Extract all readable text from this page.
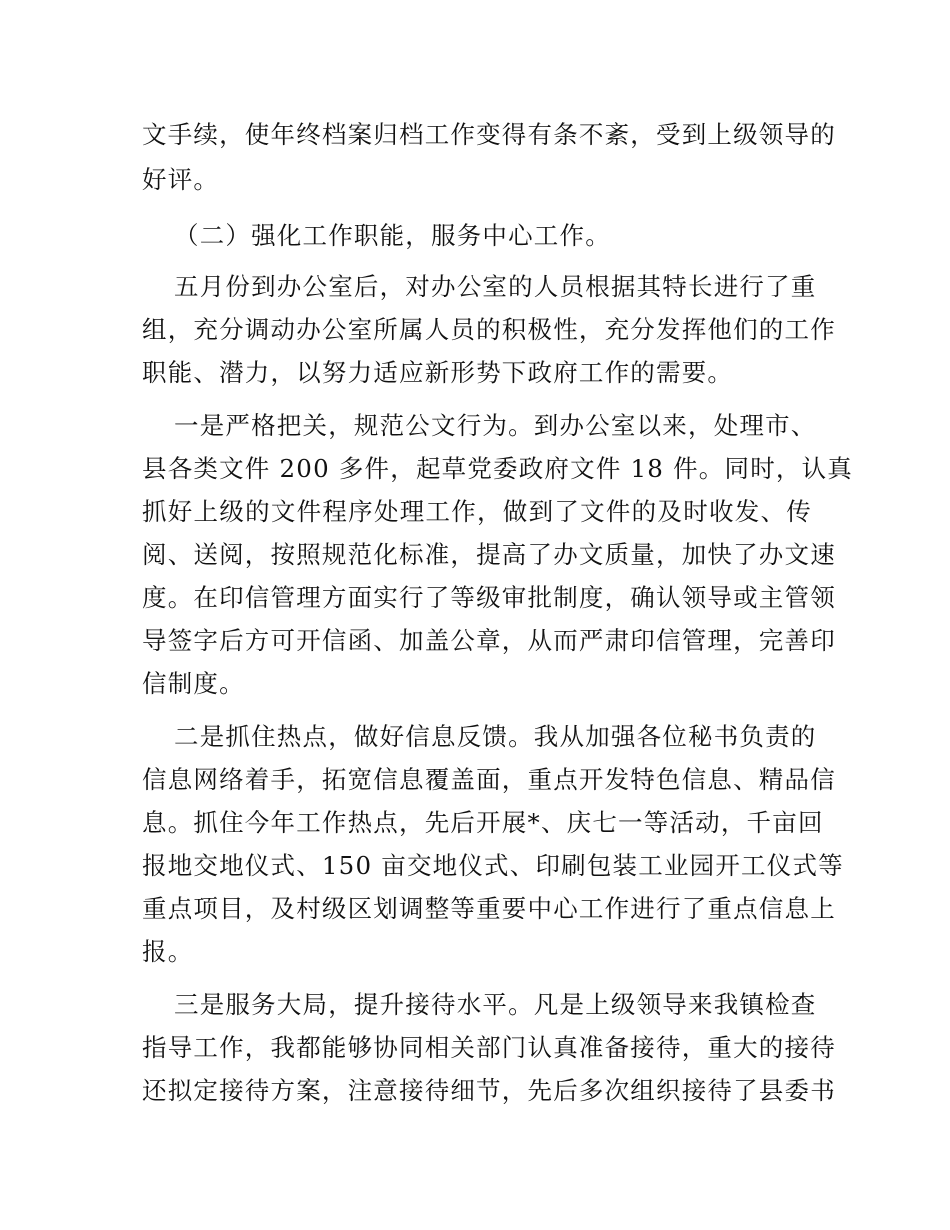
文手续，使年终档案归档工作变得有条不紊，受到上级领导的
好评。
（二）强化工作职能，服务中心工作。
五月份到办公室后，对办公室的人员根据其特长进行了重
组，充分调动办公室所属人员的积极性，充分发挥他们的工作
职能、潜力，以努力适应新形势下政府工作的需要。
一是严格把关，规范公文行为。到办公室以来，处理市、
县各类文件 200 多件，起草党委政府文件 18 件。同时，认真
抓好上级的文件程序处理工作，做到了文件的及时收发、传
阅、送阅，按照规范化标准，提高了办文质量，加快了办文速
度。在印信管理方面实行了等级审批制度，确认领导或主管领
导签字后方可开信函、加盖公章，从而严肃印信管理，完善印
信制度。
二是抓住热点，做好信息反馈。我从加强各位秘书负责的
信息网络着手，拓宽信息覆盖面，重点开发特色信息、精品信
息。抓住今年工作热点，先后开展*、庆七一等活动，千亩回
报地交地仪式、150 亩交地仪式、印刷包装工业园开工仪式等
重点项目，及村级区划调整等重要中心工作进行了重点信息上
报。
三是服务大局，提升接待水平。凡是上级领导来我镇检查
指导工作，我都能够协同相关部门认真准备接待，重大的接待
还拟定接待方案，注意接待细节，先后多次组织接待了县委书
